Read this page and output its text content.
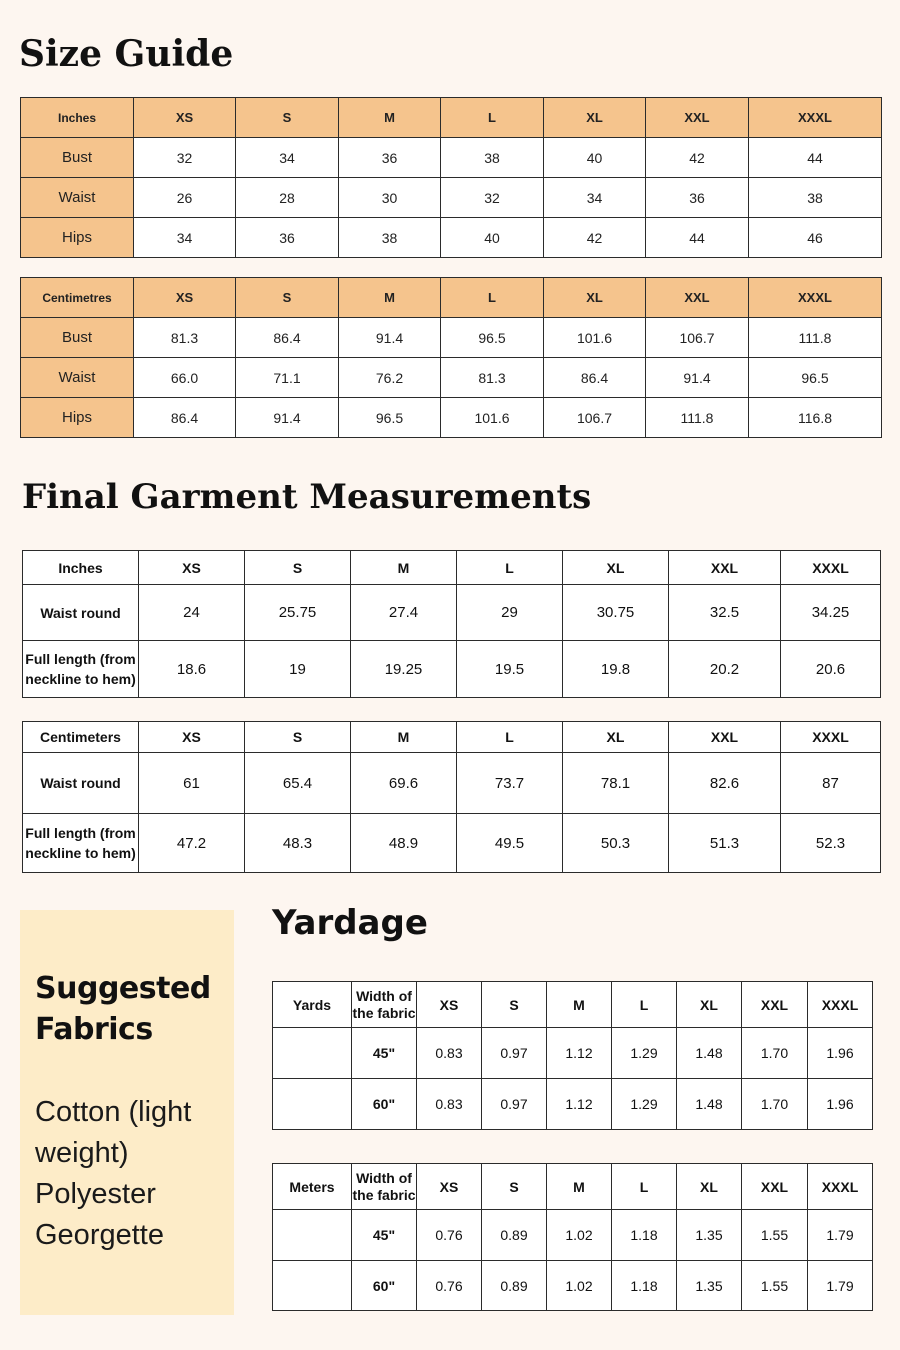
Size Guide
Inches	XS	S	M	L	XL	XXL	XXXL
Bust	32	34	36	38	40	42	44
Waist	26	28	30	32	34	36	38
Hips	34	36	38	40	42	44	46
Centimetres	XS	S	M	L	XL	XXL	XXXL
Bust	81.3	86.4	91.4	96.5	101.6	106.7	111.8
Waist	66.0	71.1	76.2	81.3	86.4	91.4	96.5
Hips	86.4	91.4	96.5	101.6	106.7	111.8	116.8
Final Garment Measurements
Inches	XS	S	M	L	XL	XXL	XXXL
Waist round	24	25.75	27.4	29	30.75	32.5	34.25
Full length (from neckline to hem)	18.6	19	19.25	19.5	19.8	20.2	20.6
Centimeters	XS	S	M	L	XL	XXL	XXXL
Waist round	61	65.4	69.6	73.7	78.1	82.6	87
Full length (from neckline to hem)	47.2	48.3	48.9	49.5	50.3	51.3	52.3
Suggested Fabrics
Cotton (light weight)
Polyester
Georgette
Yardage
Yards	Width of the fabric	XS	S	M	L	XL	XXL	XXXL
	45"	0.83	0.97	1.12	1.29	1.48	1.70	1.96
	60"	0.83	0.97	1.12	1.29	1.48	1.70	1.96
Meters	Width of the fabric	XS	S	M	L	XL	XXL	XXXL
	45"	0.76	0.89	1.02	1.18	1.35	1.55	1.79
	60"	0.76	0.89	1.02	1.18	1.35	1.55	1.79
